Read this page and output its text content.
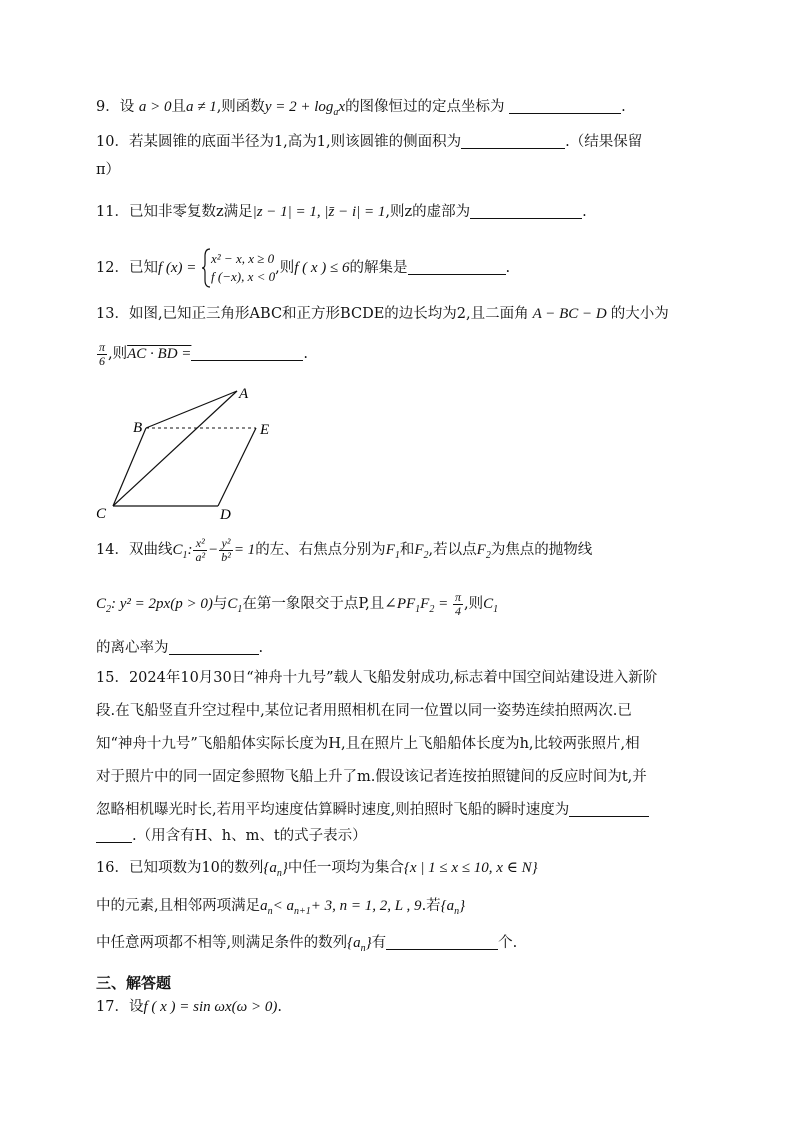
9．设 a > 0且a ≠ 1,则函数$y = 2 + \log_ax$的图像恒过的定点坐标为	.
10．若某圆锥的底面半径为1,高为1,则该圆锥的侧面积为	.（结果保留
π）
11．已知非零复数z满足|z − 1| = 1, |z̄ − i| = 1,则z的虚部为	.
12．已知f (x) =
x² − x, x ≥ 0
f (−x), x < 0
,则f ( x ) ≤ 6的解集是	.
13．如图,已知正三角形ABC和正方形BCDE的边长均为2,且二面角 A − BC − D 的大小为
$\frac{\pi}{6}$ ,则AC · BD =	.
A
B	E
C	D
14．双曲线$C_1$: $\frac{\text{x²}}{\text{a²}} - \frac{\text{y²}}{\text{b²}} = 1$的左、右焦点分别为$F_1$和$F_2$,若以点$F_2$为焦点的抛物线
$C_2$: y² = 2px(p > 0)与$C_1$在第一象限交于点P,且$\angle PF_1F_2 = \frac{\pi}{4}$ ,则$C_1$
的离心率为	.
15．2024年10月30日“神舟十九号”载人飞船发射成功,标志着中国空间站建设进入新阶
段.在飞船竖直升空过程中,某位记者用照相机在同一位置以同一姿势连续拍照两次.已
知“神舟十九号”飞船船体实际长度为H,且在照片上飞船船体长度为h,比较两张照片,相
对于照片中的同一固定参照物飞船上升了m.假设该记者连按拍照键间的反应时间为t,并
忽略相机曝光时长,若用平均速度估算瞬时速度,则拍照时飞船的瞬时速度为
.（用含有H、h、m、t的式子表示）
16．已知项数为10的数列$\{a_n\}$中任一项均为集合{x | 1 ≤ x ≤ 10, x ∈ N}
中的元素,且相邻两项满足$a_n< a_{n+1}+ 3$, n = 1, 2, L , 9.若$\{a_n\}$
中任意两项都不相等,则满足条件的数列$\{a_n\}$有	个.
三、解答题
17．设f ( x ) = sin ωx(ω > 0).
